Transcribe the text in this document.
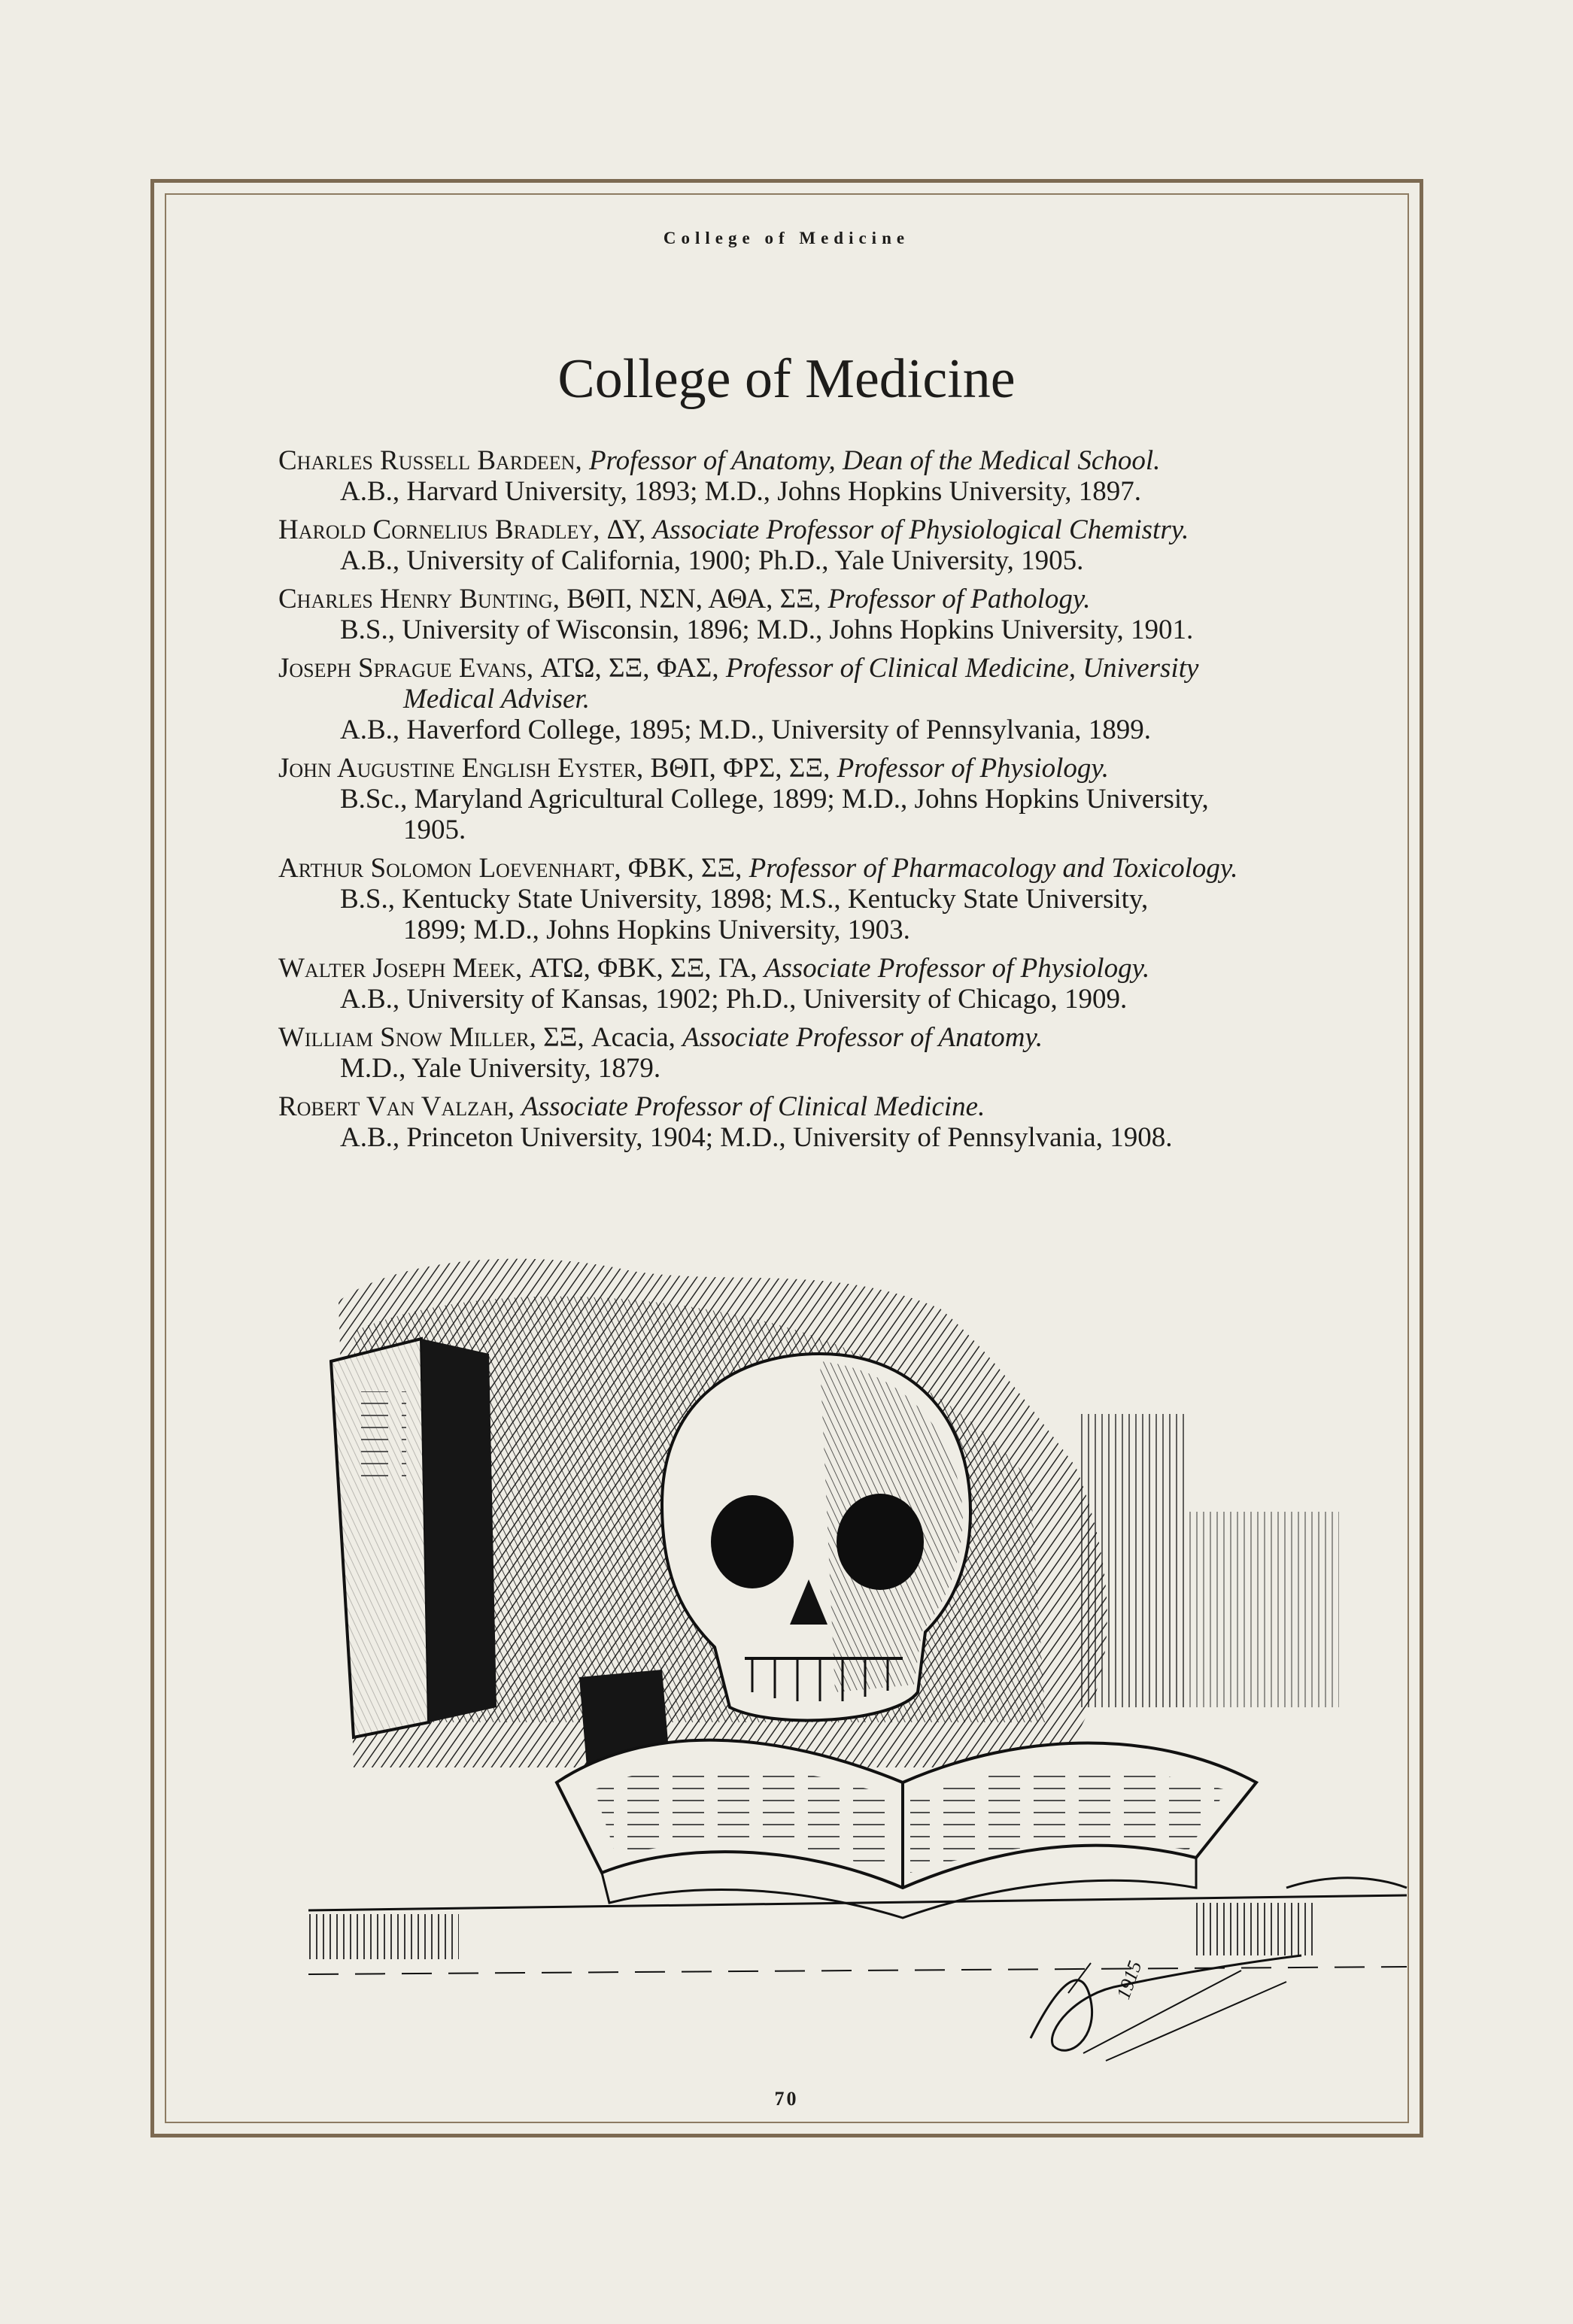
College of Medicine
College of Medicine
Charles Russell Bardeen, Professor of Anatomy, Dean of the Medical School.
A.B., Harvard University, 1893; M.D., Johns Hopkins University, 1897.
Harold Cornelius Bradley, ΔΥ, Associate Professor of Physiological Chemistry.
A.B., University of California, 1900; Ph.D., Yale University, 1905.
Charles Henry Bunting, ΒΘΠ, ΝΣΝ, ΑΘΑ, ΣΞ, Professor of Pathology.
B.S., University of Wisconsin, 1896; M.D., Johns Hopkins University, 1901.
Joseph Sprague Evans, ΑΤΩ, ΣΞ, ΦΑΣ, Professor of Clinical Medicine, University
Medical Adviser.
A.B., Haverford College, 1895; M.D., University of Pennsylvania, 1899.
John Augustine English Eyster, ΒΘΠ, ΦΡΣ, ΣΞ, Professor of Physiology.
B.Sc., Maryland Agricultural College, 1899; M.D., Johns Hopkins University,
1905.
Arthur Solomon Loevenhart, ΦΒΚ, ΣΞ, Professor of Pharmacology and Toxicology.
B.S., Kentucky State University, 1898; M.S., Kentucky State University,
1899; M.D., Johns Hopkins University, 1903.
Walter Joseph Meek, ΑΤΩ, ΦΒΚ, ΣΞ, ΓΑ, Associate Professor of Physiology.
A.B., University of Kansas, 1902; Ph.D., University of Chicago, 1909.
William Snow Miller, ΣΞ, Acacia, Associate Professor of Anatomy.
M.D., Yale University, 1879.
Robert Van Valzah, Associate Professor of Clinical Medicine.
A.B., Princeton University, 1904; M.D., University of Pennsylvania, 1908.
1915
70
